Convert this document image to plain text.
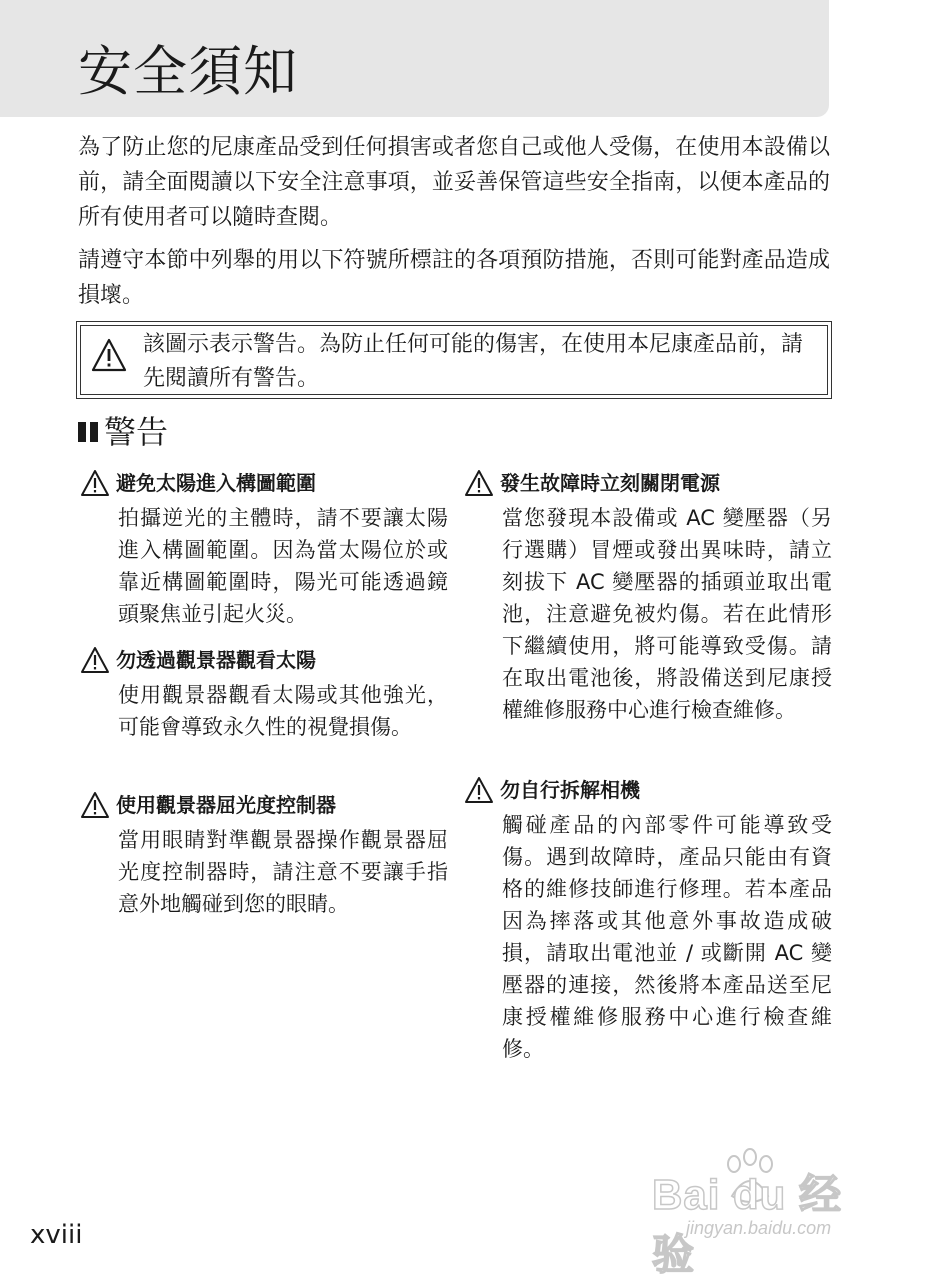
安全須知

為了防止您的尼康產品受到任何損害或者您自己或他人受傷，在使用本設備以前，請全面閱讀以下安全注意事項，並妥善保管這些安全指南，以便本產品的所有使用者可以隨時查閱。

請遵守本節中列舉的用以下符號所標註的各項預防措施，否則可能對產品造成損壞。

該圖示表示警告。為防止任何可能的傷害，在使用本尼康產品前，請先閱讀所有警告。

警告
避免太陽進入構圖範圍

拍攝逆光的主體時，請不要讓太陽進入構圖範圍。因為當太陽位於或靠近構圖範圍時，陽光可能透過鏡頭聚焦並引起火災。

勿透過觀景器觀看太陽

使用觀景器觀看太陽或其他強光，可能會導致永久性的視覺損傷。

使用觀景器屈光度控制器

當用眼睛對準觀景器操作觀景器屈光度控制器時，請注意不要讓手指意外地觸碰到您的眼睛。

發生故障時立刻關閉電源

當您發現本設備或 AC 變壓器（另行選購）冒煙或發出異味時，請立刻拔下 AC 變壓器的插頭並取出電池，注意避免被灼傷。若在此情形下繼續使用，將可能導致受傷。請在取出電池後，將設備送到尼康授權維修服務中心進行檢查維修。

勿自行拆解相機

觸碰產品的內部零件可能導致受傷。遇到故障時，產品只能由有資格的維修技師進行修理。若本產品因為摔落或其他意外事故造成破損，請取出電池並 / 或斷開 AC 變壓器的連接，然後將本產品送至尼康授權維修服務中心進行檢查維修。

xviii

Bai du 经验
jingyan.baidu.com
